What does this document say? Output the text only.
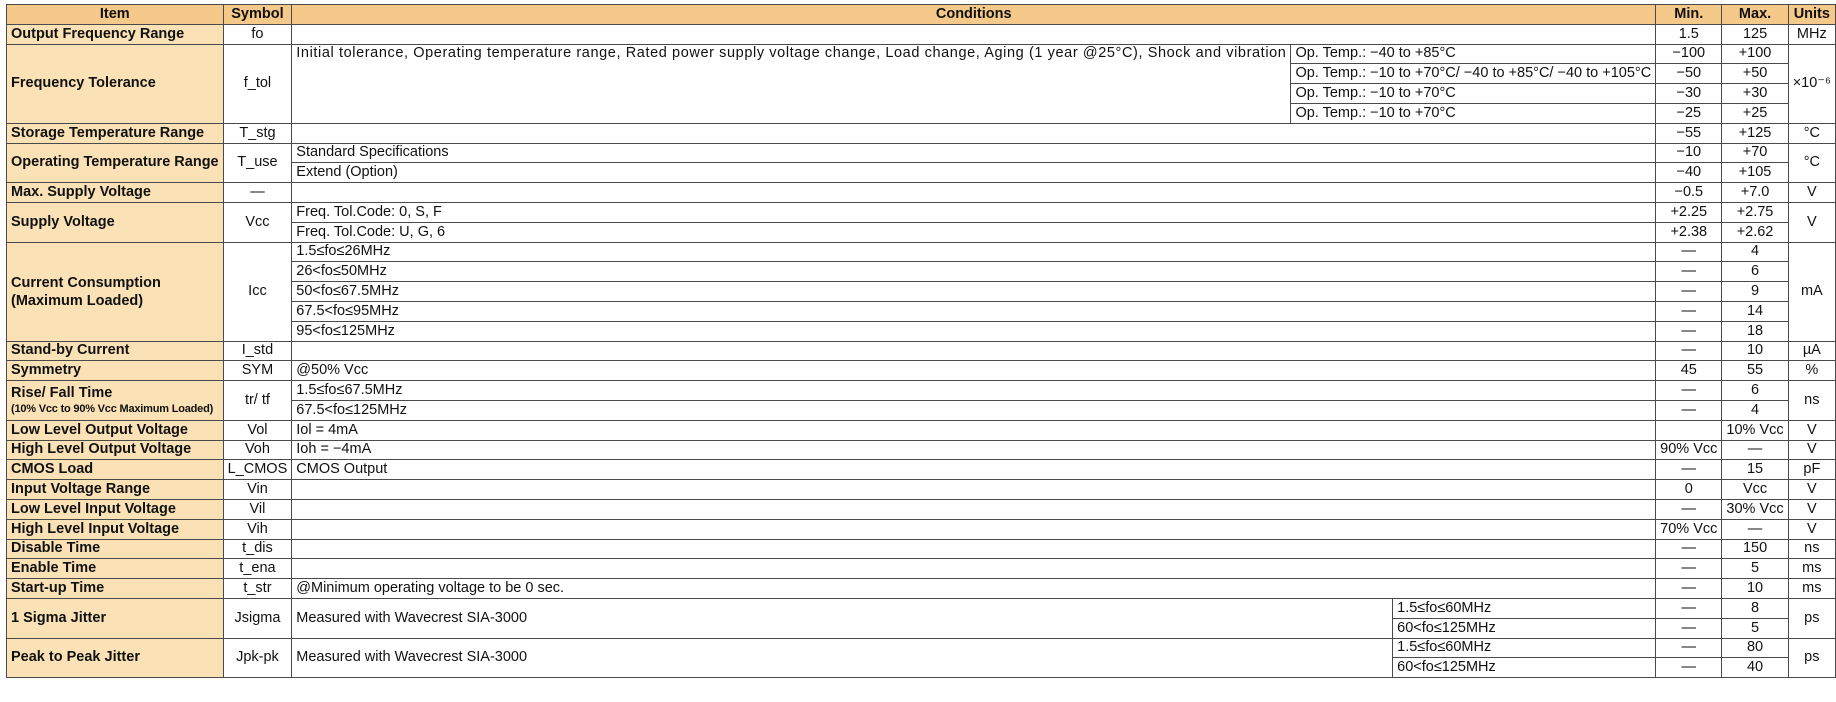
Item	Symbol	Conditions			Min.	Max.	Units
Output Frequency Range	fo				1.5	125	MHz
Frequency Tolerance	f_tol	Initial tolerance, Operating temperature range, Rated power supply voltage change, Load change, Aging (1 year @25°C), Shock and vibration	Op. Temp.: −40 to +85°C		−100	+100	×10⁻⁶
			Op. Temp.: −10 to +70°C/ −40 to +85°C/ −40 to +105°C		−50	+50	

			Op. Temp.: −10 to +70°C		−30	+30	
			Op. Temp.: −10 to +70°C		−25	+25	
Storage Temperature Range	T_stg				−55	+125	°C
Operating Temperature Range	T_use	Standard Specifications			−10	+70	°C
		Extend (Option)			−40	+105	
Max. Supply Voltage	—				−0.5	+7.0	V
Supply Voltage	Vcc	Freq. Tol.Code: 0, S, F			+2.25	+2.75	V
		Freq. Tol.Code: U, G, 6			+2.38	+2.62	
Current Consumption
(Maximum Loaded)	Icc	1.5≤fo≤26MHz			—	4	mA
		26<fo≤50MHz			—	6	
		50<fo≤67.5MHz			—	9	
		67.5<fo≤95MHz			—	14	
		95<fo≤125MHz			—	18	
Stand-by Current	I_std				—	10	µA
Symmetry	SYM	@50% Vcc			45	55	%
Rise/ Fall Time
(10% Vcc to 90% Vcc Maximum Loaded)	tr/ tf	1.5≤fo≤67.5MHz			—	6	ns
		67.5<fo≤125MHz			—	4	
Low Level Output Voltage	Vol	Iol = 4mA				10% Vcc	V
High Level Output Voltage	Voh	Ioh = −4mA			90% Vcc	—	V
CMOS Load	L_CMOS	CMOS Output			—	15	pF
Input Voltage Range	Vin				0	Vcc	V
Low Level Input Voltage	Vil				—	30% Vcc	V
High Level Input Voltage	Vih				70% Vcc	—	V
Disable Time	t_dis				—	150	ns
Enable Time	t_ena				—	5	ms
Start-up Time	t_str	@Minimum operating voltage to be 0 sec.			—	10	ms
1 Sigma Jitter	Jsigma	Measured with Wavecrest SIA-3000		1.5≤fo≤60MHz	—	8	ps
				60<fo≤125MHz	—	5	
Peak to Peak Jitter	Jpk-pk	Measured with Wavecrest SIA-3000		1.5≤fo≤60MHz	—	80	ps
				60<fo≤125MHz	—	40	
